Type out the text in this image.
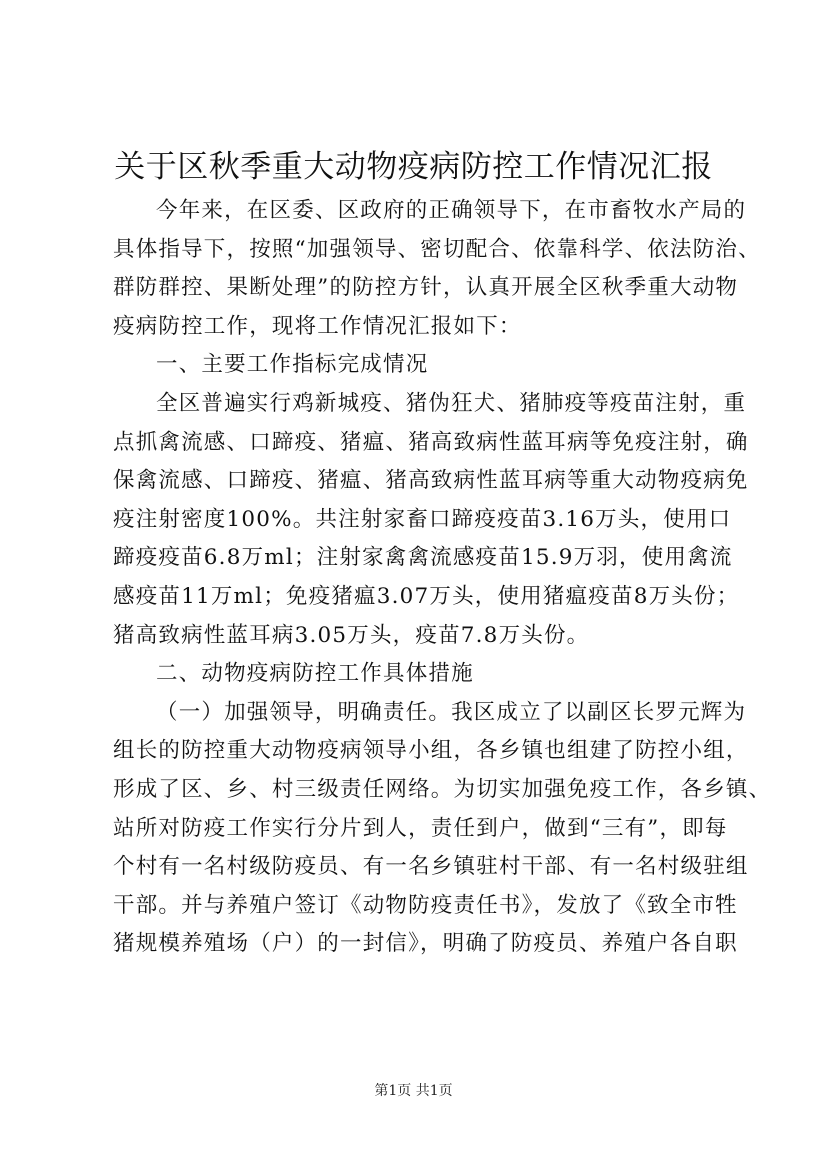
关于区秋季重大动物疫病防控工作情况汇报
今年来，在区委、区政府的正确领导下，在市畜牧水产局的
具体指导下，按照“加强领导、密切配合、依靠科学、依法防治、
群防群控、果断处理”的防控方针，认真开展全区秋季重大动物
疫病防控工作，现将工作情况汇报如下：
一、主要工作指标完成情况
全区普遍实行鸡新城疫、猪伪狂犬、猪肺疫等疫苗注射，重
点抓禽流感、口蹄疫、猪瘟、猪高致病性蓝耳病等免疫注射，确
保禽流感、口蹄疫、猪瘟、猪高致病性蓝耳病等重大动物疫病免
疫注射密度100%。共注射家畜口蹄疫疫苗3.16万头，使用口
蹄疫疫苗6.8万ml；注射家禽禽流感疫苗15.9万羽，使用禽流
感疫苗11万ml；免疫猪瘟3.07万头，使用猪瘟疫苗8万头份；
猪高致病性蓝耳病3.05万头，疫苗7.8万头份。
二、动物疫病防控工作具体措施
（一）加强领导，明确责任。我区成立了以副区长罗元辉为
组长的防控重大动物疫病领导小组，各乡镇也组建了防控小组，
形成了区、乡、村三级责任网络。为切实加强免疫工作，各乡镇、
站所对防疫工作实行分片到人，责任到户，做到“三有”，即每
个村有一名村级防疫员、有一名乡镇驻村干部、有一名村级驻组
干部。并与养殖户签订《动物防疫责任书》，发放了《致全市牲
猪规模养殖场（户）的一封信》，明确了防疫员、养殖户各自职
第1页 共1页
